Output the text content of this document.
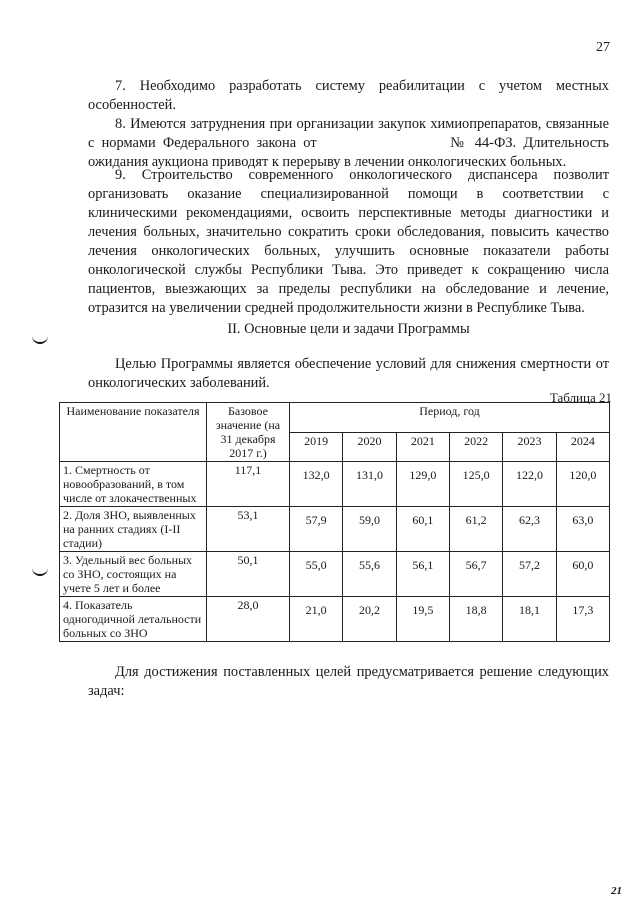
27

7. Необходимо разработать систему реабилитации с учетом местных особенностей.

8. Имеются затруднения при организации закупок химиопрепаратов, связанные с нормами Федерального закона от	№ 44-ФЗ. Длительность ожидания аукциона приводят к перерыву в лечении онкологических больных.

9. Строительство современного онкологического диспансера позволит организовать оказание специализированной помощи в соответствии с клиническими рекомендациями, освоить перспективные методы диагностики и лечения больных, значительно сократить сроки обследования, повысить качество лечения онкологических больных, улучшить основные показатели работы онкологической службы Республики Тыва. Это приведет к сокращению числа пациентов, выезжающих за пределы республики на обследование и лечение, отразится на увеличении средней продолжительности жизни в Республике Тыва.

II. Основные цели и задачи Программы

Целью Программы является обеспечение условий для снижения смертности от онкологических заболеваний.

Таблица 21
Наименование показателя	Базовое значение (на 31 декабря 2017 г.)	Период, год					
		2019	2020	2021	2022	2023	2024
1. Смертность от новообразований, в том числе от злокачественных	117,1	132,0	131,0	129,0	125,0	122,0	120,0
2. Доля ЗНО, выявленных на ранних стадиях (I-II стадии)	53,1	57,9	59,0	60,1	61,2	62,3	63,0
3. Удельный вес больных со ЗНО, состоящих на учете 5 лет и более	50,1	55,0	55,6	56,1	56,7	57,2	60,0
4. Показатель одногодичной летальности больных со ЗНО	28,0	21,0	20,2	19,5	18,8	18,1	17,3

Для достижения поставленных целей предусматривается решение следующих задач:

21
